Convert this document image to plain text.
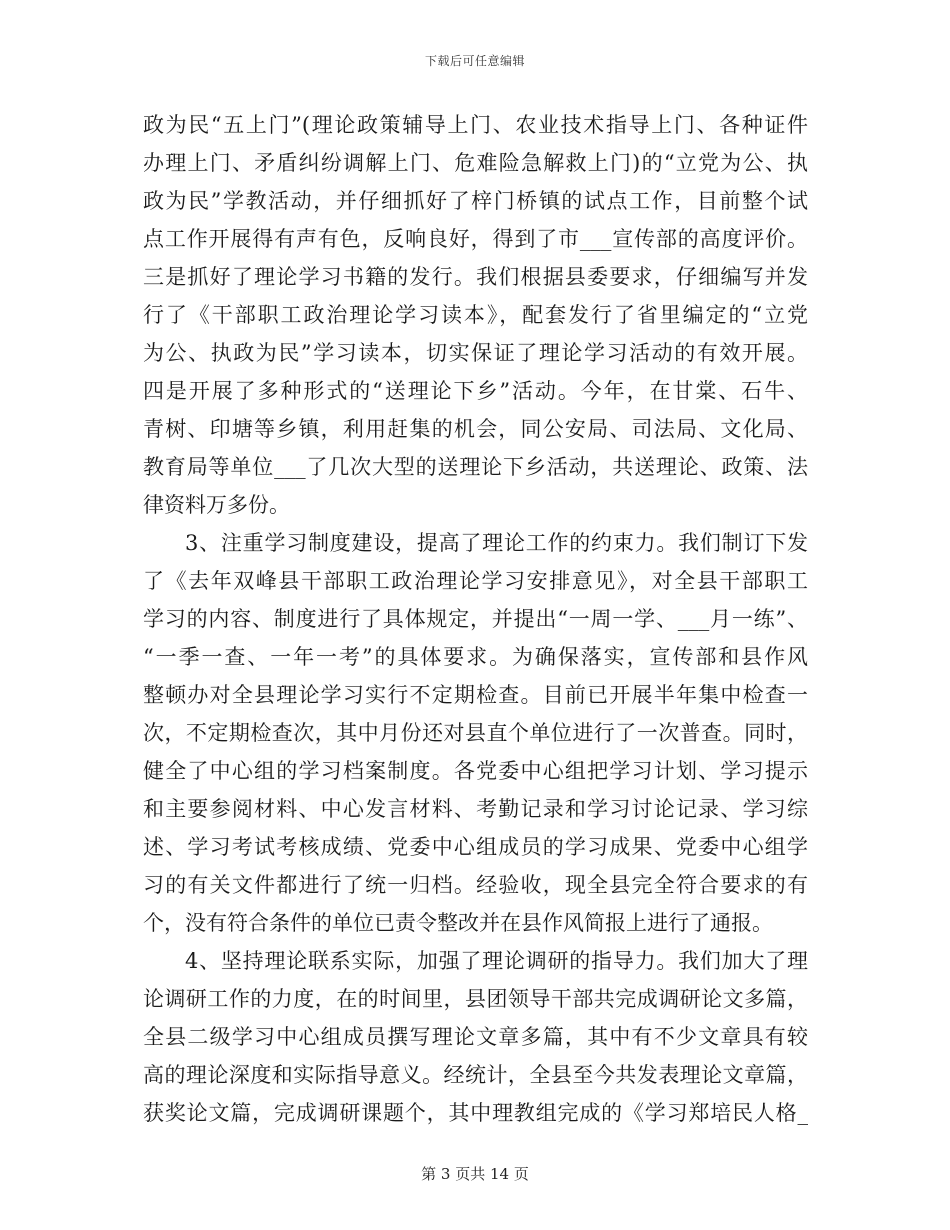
下载后可任意编辑
政为民“五上门”(理论政策辅导上门、农业技术指导上门、各种证件
办理上门、矛盾纠纷调解上门、危难险急解救上门)的“立党为公、执
政为民”学教活动，并仔细抓好了梓门桥镇的试点工作，目前整个试
点工作开展得有声有色，反响良好，得到了市___宣传部的高度评价。
三是抓好了理论学习书籍的发行。我们根据县委要求，仔细编写并发
行了《干部职工政治理论学习读本》，配套发行了省里编定的“立党
为公、执政为民”学习读本，切实保证了理论学习活动的有效开展。
四是开展了多种形式的“送理论下乡”活动。今年，在甘棠、石牛、
青树、印塘等乡镇，利用赶集的机会，同公安局、司法局、文化局、
教育局等单位___了几次大型的送理论下乡活动，共送理论、政策、法
律资料万多份。
3、注重学习制度建设，提高了理论工作的约束力。我们制订下发
了《去年双峰县干部职工政治理论学习安排意见》，对全县干部职工
学习的内容、制度进行了具体规定，并提出“一周一学、___月一练”、
“一季一查、一年一考”的具体要求。为确保落实，宣传部和县作风
整顿办对全县理论学习实行不定期检查。目前已开展半年集中检查一
次，不定期检查次，其中月份还对县直个单位进行了一次普查。同时，
健全了中心组的学习档案制度。各党委中心组把学习计划、学习提示
和主要参阅材料、中心发言材料、考勤记录和学习讨论记录、学习综
述、学习考试考核成绩、党委中心组成员的学习成果、党委中心组学
习的有关文件都进行了统一归档。经验收，现全县完全符合要求的有
个，没有符合条件的单位已责令整改并在县作风简报上进行了通报。
4、坚持理论联系实际，加强了理论调研的指导力。我们加大了理
论调研工作的力度，在的时间里，县团领导干部共完成调研论文多篇，
全县二级学习中心组成员撰写理论文章多篇，其中有不少文章具有较
高的理论深度和实际指导意义。经统计，全县至今共发表理论文章篇，
获奖论文篇，完成调研课题个，其中理教组完成的《学习郑培民人格_
第 3 页共 14 页
